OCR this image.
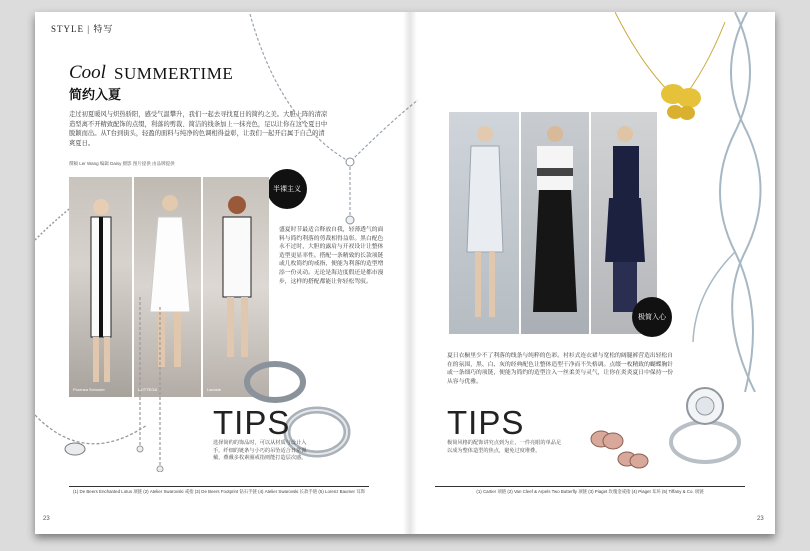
STYLE | 特写
Cool SUMMERTIME
简约入夏
走过初夏暖风与炽热骄阳，感受气温攀升，我们一起去寻找夏日的简约之美。大胆上阵的清凉造型离不开精致配饰的点缀，利落的剪裁、简洁的线条加上一抹亮色，足以让你在这个夏日中脱颖而出。从T台到街头，轻盈的面料与纯净的色调相得益彰，让我们一起开启属于自己的清爽夏日。
撰稿 Ler Wang 编辑 Daisy 摄影 图片提供 由品牌提供
半裸主义
Proenza Schouler	BOTTEGA	Lacoste
盛夏时节最适合释放自我，轻薄透气的面料与简约利落的剪裁相得益彰。黑白配色永不过时，大胆的露肩与开衩设计让整体造型更显率性。搭配一条精致的长款项链或几枚简约的戒指，便能为利落的造型增添一份灵动。无论是海边度假还是都市漫步，这样的搭配都能让你轻松驾驭。
TIPS
选择简约的饰品时，可以从材质与设计入手。纤细的链条与小巧的吊坠适合日常佩戴，叠戴多枚素圈戒指则能打造层次感。
(1) De Beers Enchanted Lotus 项链 (2) Atelier Swarovski 戒指 (3) De Beers Footprint 钻石手链 (4) Atelier Swarovski 长款手链 (5) Lorenz Baumer 耳饰
23
极简入心
夏日衣橱里少不了利落的线条与纯粹的色彩。衬衫式连衣裙与宽松的阔腿裤营造出轻松自在的氛围，黑、白、灰的经典配色让整体造型干净而不失格调。点缀一枚精致的蝴蝶胸针或一条细巧的项链，便能为简约的造型注入一丝柔美与灵气，让你在炎炎夏日中保持一份从容与优雅。
TIPS
极简风格的配饰讲究点到为止，一件亮眼的单品足以成为整体造型的焦点，避免过度堆叠。
(1) Cartier 项链 (2) Van Cleef & Arpels Two Butterfly 项链 (3) Piaget 玫瑰金戒指 (4) Piaget 耳环 (5) Tiffany & Co. 项链
23
